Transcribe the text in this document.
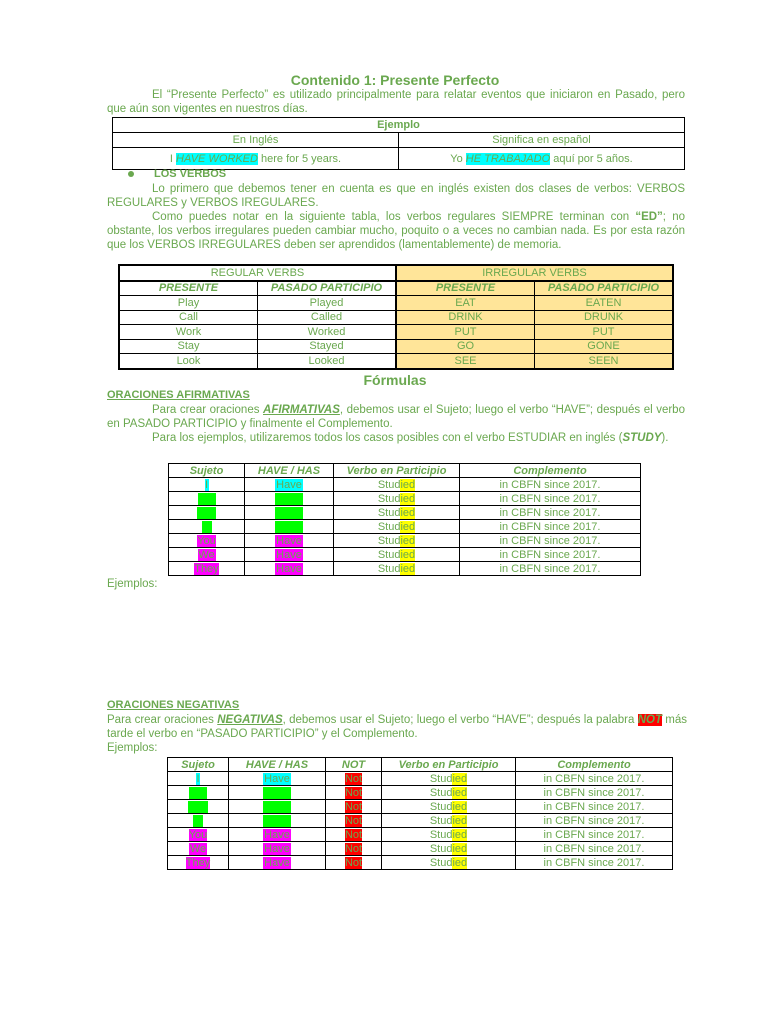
Contenido 1: Presente Perfecto
El “Presente Perfecto” es utilizado principalmente para relatar eventos que iniciaron en Pasado, pero que aún son vigentes en nuestros días.
Ejemplo	
En Inglés	Significa en español
I HAVE WORKED here for 5 years.	Yo HE TRABAJADO aquí por 5 años.
LOS VERBOS
Lo primero que debemos tener en cuenta es que en inglés existen dos clases de verbos: VERBOS REGULARES y VERBOS IREGULARES.
Como puedes notar en la siguiente tabla, los verbos regulares SIEMPRE terminan con “ED”; no obstante, los verbos irregulares pueden cambiar mucho, poquito o a veces no cambian nada. Es por esta razón que los VERBOS IRREGULARES deben ser aprendidos (lamentablemente) de memoria.
REGULAR VERBS		IRREGULAR VERBS	
PRESENTE	PASADO PARTICIPIO	PRESENTE	PASADO PARTICIPIO
Play	Played	EAT	EATEN
Call	Called	DRINK	DRUNK
Work	Worked	PUT	PUT
Stay	Stayed	GO	GONE
Look	Looked	SEE	SEEN
Fórmulas
ORACIONES AFIRMATIVAS
Para crear oraciones AFIRMATIVAS, debemos usar el Sujeto; luego el verbo “HAVE”; después el verbo en PASADO PARTICIPIO y finalmente el Complemento.
Para los ejemplos, utilizaremos todos los casos posibles con el verbo ESTUDIAR en inglés (STUDY).
Sujeto	HAVE / HAS	Verbo en Participio	Complemento
I	Have	Studied	in CBFN since 2017.
He	Has	Studied	in CBFN since 2017.
She	Has	Studied	in CBFN since 2017.
It	Has	Studied	in CBFN since 2017.
You	Have	Studied	in CBFN since 2017.
We	Have	Studied	in CBFN since 2017.
They	Have	Studied	in CBFN since 2017.
Ejemplos:
ORACIONES NEGATIVAS
Para crear oraciones NEGATIVAS, debemos usar el Sujeto; luego el verbo “HAVE”; después la palabra NOT más tarde el verbo en “PASADO PARTICIPIO” y el Complemento.
Ejemplos:
Sujeto	HAVE / HAS	NOT	Verbo en Participio	Complemento
I	Have	Not	Studied	in CBFN since 2017.
He	Has	Not	Studied	in CBFN since 2017.
She	Has	Not	Studied	in CBFN since 2017.
It	Has	Not	Studied	in CBFN since 2017.
You	Have	Not	Studied	in CBFN since 2017.
We	Have	Not	Studied	in CBFN since 2017.
They	Have	Not	Studied	in CBFN since 2017.
